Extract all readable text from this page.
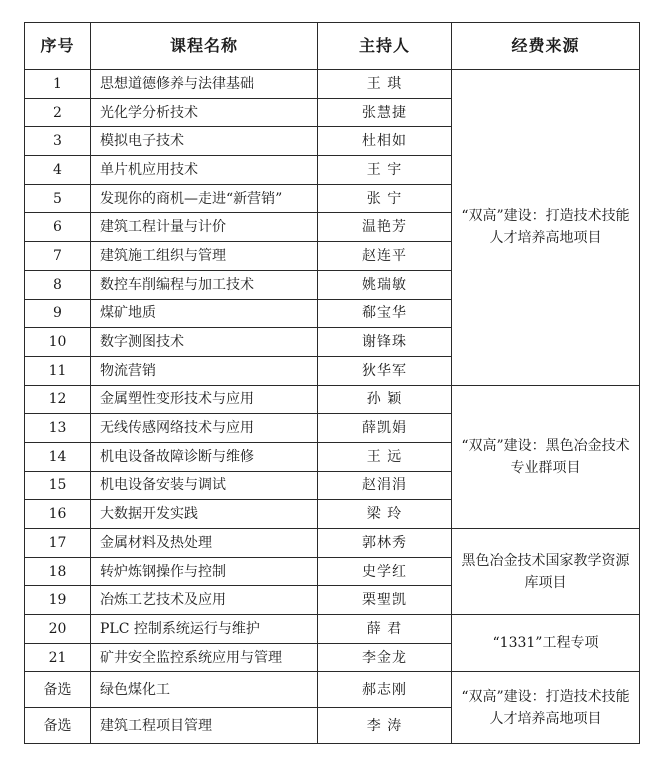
序号	课程名称	主持人	经费来源
1	思想道德修养与法律基础	王 琪	“双高”建设：打造技术技能人才培养高地项目
2	光化学分析技术	张慧捷	
3	模拟电子技术	杜相如	
4	单片机应用技术	王 宇	
5	发现你的商机—走进“新营销”	张 宁	
6	建筑工程计量与计价	温艳芳	
7	建筑施工组织与管理	赵连平	
8	数控车削编程与加工技术	姚瑞敏	
9	煤矿地质	郗宝华	
10	数字测图技术	谢锋珠	
11	物流营销	狄华军	
12	金属塑性变形技术与应用	孙 颖	“双高”建设：黑色冶金技术专业群项目
13	无线传感网络技术与应用	薛凯娟	
14	机电设备故障诊断与维修	王 远	
15	机电设备安装与调试	赵涓涓	
16	大数据开发实践	梁 玲	
17	金属材料及热处理	郭林秀	黑色冶金技术国家教学资源库项目
18	转炉炼钢操作与控制	史学红	
19	冶炼工艺技术及应用	栗聖凯	
20	PLC 控制系统运行与维护	薛 君	“1331”工程专项
21	矿井安全监控系统应用与管理	李金龙	
备选	绿色煤化工	郝志刚	“双高”建设：打造技术技能人才培养高地项目
备选	建筑工程项目管理	李 涛	
